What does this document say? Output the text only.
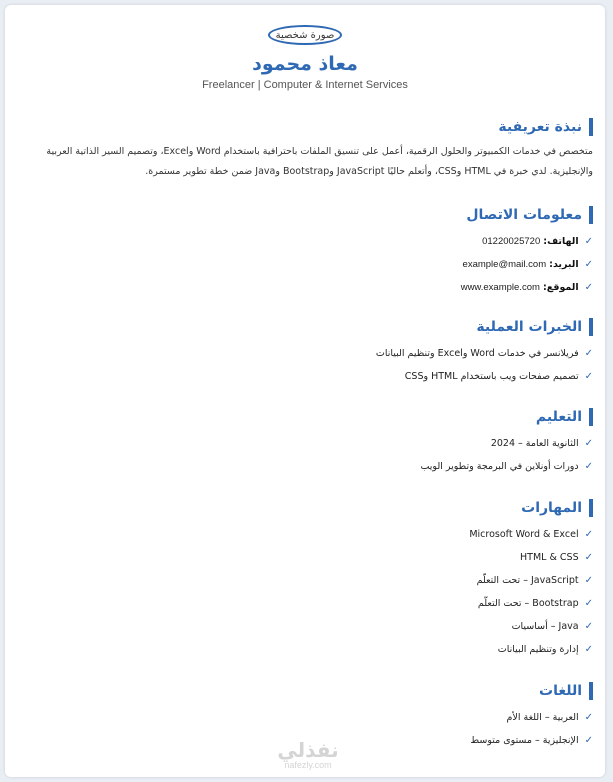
صورة شخصية
معاذ محمود
Freelancer | Computer & Internet Services
نبذة تعريفية
متخصص في خدمات الكمبيوتر والحلول الرقمية، أعمل على تنسيق الملفات باحترافية باستخدام Word وExcel، وتصميم السير الذاتية العربية والإنجليزية. لدي خبرة في HTML وCSS، وأتعلم حاليًا JavaScript وBootstrap وJava ضمن خطة تطوير مستمرة.
معلومات الاتصال
✓الهاتف: 01220025720
✓البريد: example@mail.com
✓الموقع: www.example.com
الخبرات العملية
✓فريلانسر في خدمات Word وExcel وتنظيم البيانات
✓تصميم صفحات ويب باستخدام HTML وCSS
التعليم
✓الثانوية العامة – 2024
✓دورات أونلاين في البرمجة وتطوير الويب
المهارات
✓Microsoft Word & Excel
✓HTML & CSS
✓JavaScript – تحت التعلّم
✓Bootstrap – تحت التعلّم
✓Java – أساسيات
✓إدارة وتنظيم البيانات
اللغات
✓العربية – اللغة الأم
✓الإنجليزية – مستوى متوسط
نفذلي
nafezly.com
